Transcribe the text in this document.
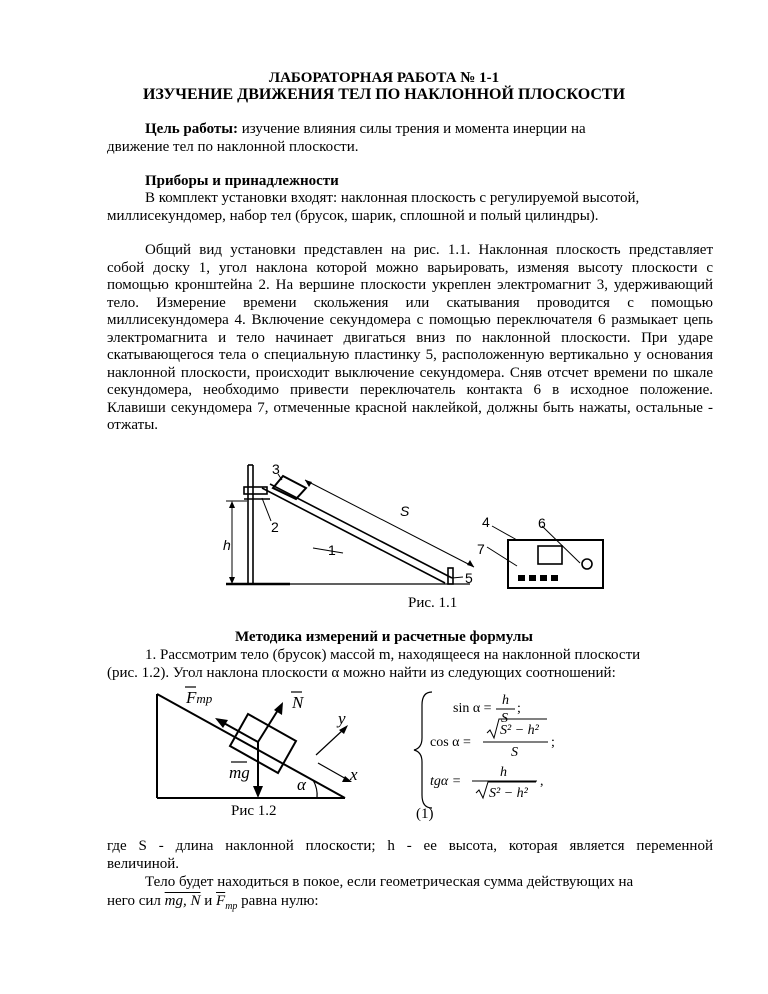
ЛАБОРАТОРНАЯ РАБОТА № 1-1
ИЗУЧЕНИЕ ДВИЖЕНИЯ ТЕЛ ПО НАКЛОННОЙ ПЛОСКОСТИ
Цель работы: изучение влияния силы трения и момента инерции на
движение тел по наклонной плоскости.
Приборы и принадлежности
В комплект установки входят: наклонная плоскость с регулируемой высотой,
миллисекундомер, набор тел (брусок, шарик, сплошной и полый цилиндры).
Общий вид установки представлен на рис. 1.1. Наклонная плоскость представляет собой доску 1, угол наклона которой можно варьировать, изменяя высоту плоскости с помощью кронштейна 2. На вершине плоскости укреплен электромагнит 3, удерживающий тело. Измерение времени скольжения или скатывания проводится с помощью миллисекундомера 4. Включение секундомера с помощью переключателя 6 размыкает цепь электромагнита и тело начинает двигаться вниз по наклонной плоскости. При ударе скатывающегося тела о специальную пластинку 5, расположенную вертикально у основания наклонной плоскости, происходит выключение секундомера. Сняв отсчет времени по шкале секундомера, необходимо привести переключатель контакта 6 в исходное положение. Клавиши секундомера 7, отмеченные красной наклейкой, должны быть нажаты, остальные - отжаты.
3
2
1
S
h
4	6
7
5
Рис. 1.1
Методика измерений и расчетные формулы
1. Рассмотрим тело (брусок) массой m, находящееся на наклонной плоскости
(рис. 1.2). Угол наклона плоскости α можно найти из следующих соотношений:
Fтр	N
y
x
mg
α
Рис 1.2
sin α =
h
S
;
cos α =
S² − h²
S
;
tgα =
h
S² − h²
,
(1)
где S - длина наклонной плоскости; h - ее высота, которая является переменной
величиной.
Тело будет находиться в покое, если геометрическая сумма действующих на
него сил mg, N и $\overline{F}_{тр}$ равна нулю:
